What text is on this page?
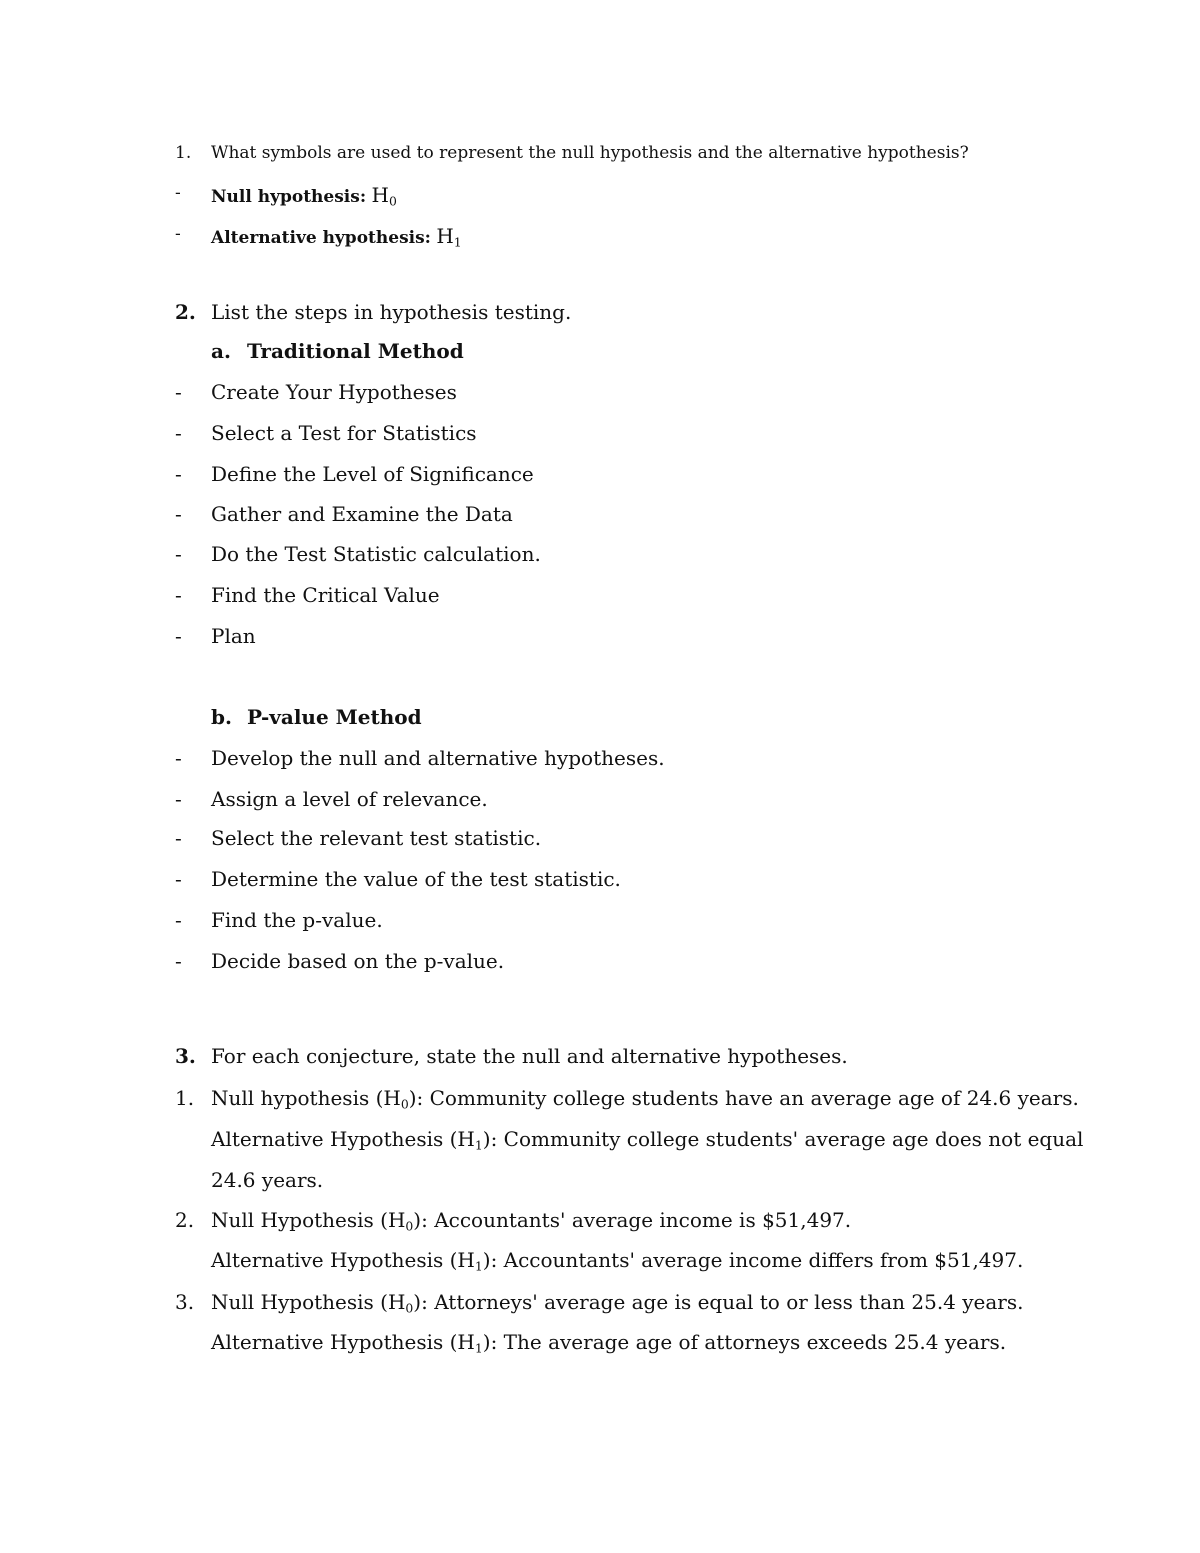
1. What symbols are used to represent the null hypothesis and the alternative hypothesis?
- Null hypothesis: $H_0$
- Alternative hypothesis: $H_1$
2. List the steps in hypothesis testing.
a. Traditional Method
- Create Your Hypotheses
- Select a Test for Statistics
- Define the Level of Significance
- Gather and Examine the Data
- Do the Test Statistic calculation.
- Find the Critical Value
- Plan
b. P-value Method
- Develop the null and alternative hypotheses.
- Assign a level of relevance.
- Select the relevant test statistic.
- Determine the value of the test statistic.
- Find the p-value.
- Decide based on the p-value.
3. For each conjecture, state the null and alternative hypotheses.
1. Null hypothesis $(H_0)$: Community college students have an average age of 24.6 years.
Alternative Hypothesis $(H_1)$: Community college students' average age does not equal
24.6 years.
2. Null Hypothesis $(H_0)$: Accountants' average income is $51,497.
Alternative Hypothesis $(H_1)$: Accountants' average income differs from $51,497.
3. Null Hypothesis $(H_0)$: Attorneys' average age is equal to or less than 25.4 years.
Alternative Hypothesis $(H_1)$: The average age of attorneys exceeds 25.4 years.
